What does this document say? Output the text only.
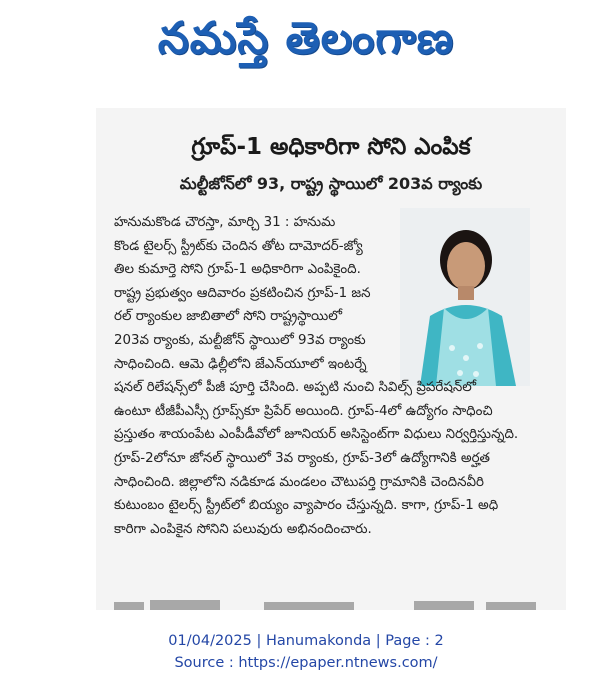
నమస్తే తెలంగాణ
గ్రూప్-1 అధికారిగా సోని ఎంపిక
మల్టీజోన్‌లో 93, రాష్ట్ర స్థాయిలో 203వ ర్యాంకు
హనుమకొండ చౌరస్తా, మార్చి 31 : హనుమ
కొండ టైలర్స్ స్ట్రీట్‌కు చెందిన తోట దామోదర్-జ్యో
తిల కుమార్తె సోని గ్రూప్-1 అధికారిగా ఎంపికైంది.
రాష్ట్ర ప్రభుత్వం ఆదివారం ప్రకటించిన గ్రూప్-1 జన
రల్ ర్యాంకుల జాబితాలో సోని రాష్ట్రస్థాయిలో
203వ ర్యాంకు, మల్టీజోన్ స్థాయిలో 93వ ర్యాంకు
సాధించింది. ఆమె ఢిల్లీలోని జేఎన్‌యూలో ఇంటర్నే
షనల్ రిలేషన్స్‌లో పీజీ పూర్తి చేసింది. అప్పటి నుంచి సివిల్స్ ప్రిపరేషన్‌లో
ఉంటూ టీజీపీఎస్సీ గ్రూప్స్‌కూ ప్రిపేర్ అయింది. గ్రూప్-4లో ఉద్యోగం సాధించి
ప్రస్తుతం శాయంపేట ఎంపీడీవోలో జూనియర్ అసిస్టెంట్‌గా విధులు నిర్వర్తిస్తున్నది.
గ్రూప్-2లోనూ జోనల్ స్థాయిలో 3వ ర్యాంకు, గ్రూప్-3లో ఉద్యోగానికి అర్హత
సాధించింది. జిల్లాలోని నడికూడ మండలం చౌటుపర్తి గ్రామానికి చెందినవీరి
కుటుంబం టైలర్స్ స్ట్రీట్‌లో బియ్యం వ్యాపారం చేస్తున్నది. కాగా, గ్రూప్-1 అధి
కారిగా ఎంపికైన సోనిని పలువురు అభినందించారు.
01/04/2025 | Hanumakonda | Page : 2
Source : https://epaper.ntnews.com/
